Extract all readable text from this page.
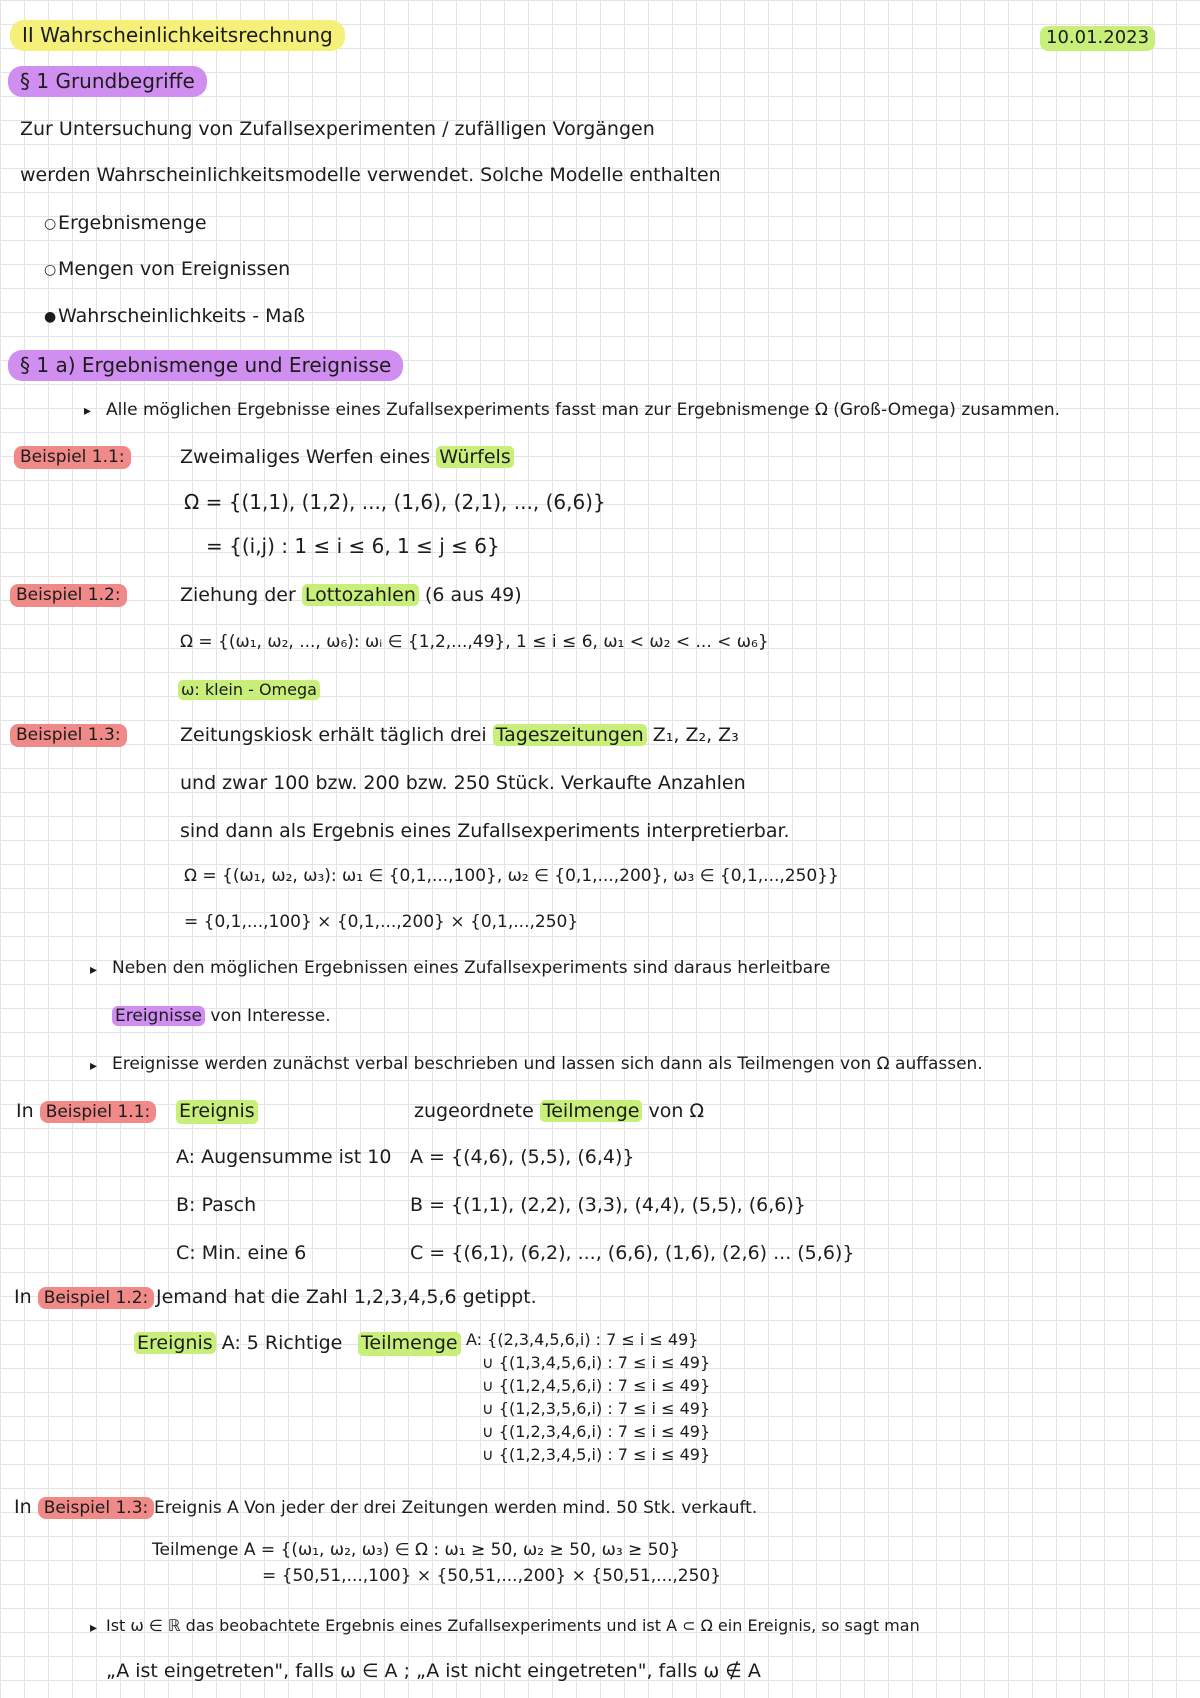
II Wahrscheinlichkeitsrechnung	10.01.2023
§ 1 Grundbegriffe
Zur Untersuchung von Zufallsexperimenten / zufälligen Vorgängen
werden Wahrscheinlichkeitsmodelle verwendet. Solche Modelle enthalten
○ Ergebnismenge
○ Mengen von Ereignissen
● Wahrscheinlichkeits - Maß
§ 1 a) Ergebnismenge und Ereignisse
▸ Alle möglichen Ergebnisse eines Zufallsexperiments fasst man zur Ergebnismenge Ω (Groß-Omega) zusammen.
Beispiel 1.1:	Zweimaliges Werfen eines Würfels
Ω = {(1,1), (1,2), ..., (1,6), (2,1), ..., (6,6)}
= {(i,j) : 1 ≤ i ≤ 6, 1 ≤ j ≤ 6}
Beispiel 1.2:	Ziehung der Lottozahlen (6 aus 49)
Ω = {(ω₁, ω₂, ..., ω₆): ωᵢ ∈ {1,2,...,49}, 1 ≤ i ≤ 6, ω₁ < ω₂ < ... < ω₆}
ω: klein - Omega
Beispiel 1.3:	Zeitungskiosk erhält täglich drei Tageszeitungen Z₁, Z₂, Z₃
und zwar 100 bzw. 200 bzw. 250 Stück. Verkaufte Anzahlen
sind dann als Ergebnis eines Zufallsexperiments interpretierbar.
Ω = {(ω₁, ω₂, ω₃): ω₁ ∈ {0,1,...,100}, ω₂ ∈ {0,1,...,200}, ω₃ ∈ {0,1,...,250}}
= {0,1,...,100} × {0,1,...,200} × {0,1,...,250}
▸ Neben den möglichen Ergebnissen eines Zufallsexperiments sind daraus herleitbare
Ereignisse von Interesse.
▸ Ereignisse werden zunächst verbal beschrieben und lassen sich dann als Teilmengen von Ω auffassen.
In Beispiel 1.1:	Ereignis	zugeordnete Teilmenge von Ω
A: Augensumme ist 10 A = {(4,6), (5,5), (6,4)}
B: Pasch	B = {(1,1), (2,2), (3,3), (4,4), (5,5), (6,6)}
C: Min. eine 6	C = {(6,1), (6,2), ..., (6,6), (1,6), (2,6) ... (5,6)}
In Beispiel 1.2: Jemand hat die Zahl 1,2,3,4,5,6 getippt.
Ereignis A: 5 Richtige Teilmenge A: {(2,3,4,5,6,i) : 7 ≤ i ≤ 49}
∪ {(1,3,4,5,6,i) : 7 ≤ i ≤ 49}
∪ {(1,2,4,5,6,i) : 7 ≤ i ≤ 49}
∪ {(1,2,3,5,6,i) : 7 ≤ i ≤ 49}
∪ {(1,2,3,4,6,i) : 7 ≤ i ≤ 49}
∪ {(1,2,3,4,5,i) : 7 ≤ i ≤ 49}
In Beispiel 1.3: Ereignis A Von jeder der drei Zeitungen werden mind. 50 Stk. verkauft.
Teilmenge A = {(ω₁, ω₂, ω₃) ∈ Ω : ω₁ ≥ 50, ω₂ ≥ 50, ω₃ ≥ 50}
= {50,51,...,100} × {50,51,...,200} × {50,51,...,250}
▸ Ist ω ∈ ℝ das beobachtete Ergebnis eines Zufallsexperiments und ist A ⊂ Ω ein Ereignis, so sagt man
„A ist eingetreten", falls ω ∈ A ; „A ist nicht eingetreten", falls ω ∉ A
